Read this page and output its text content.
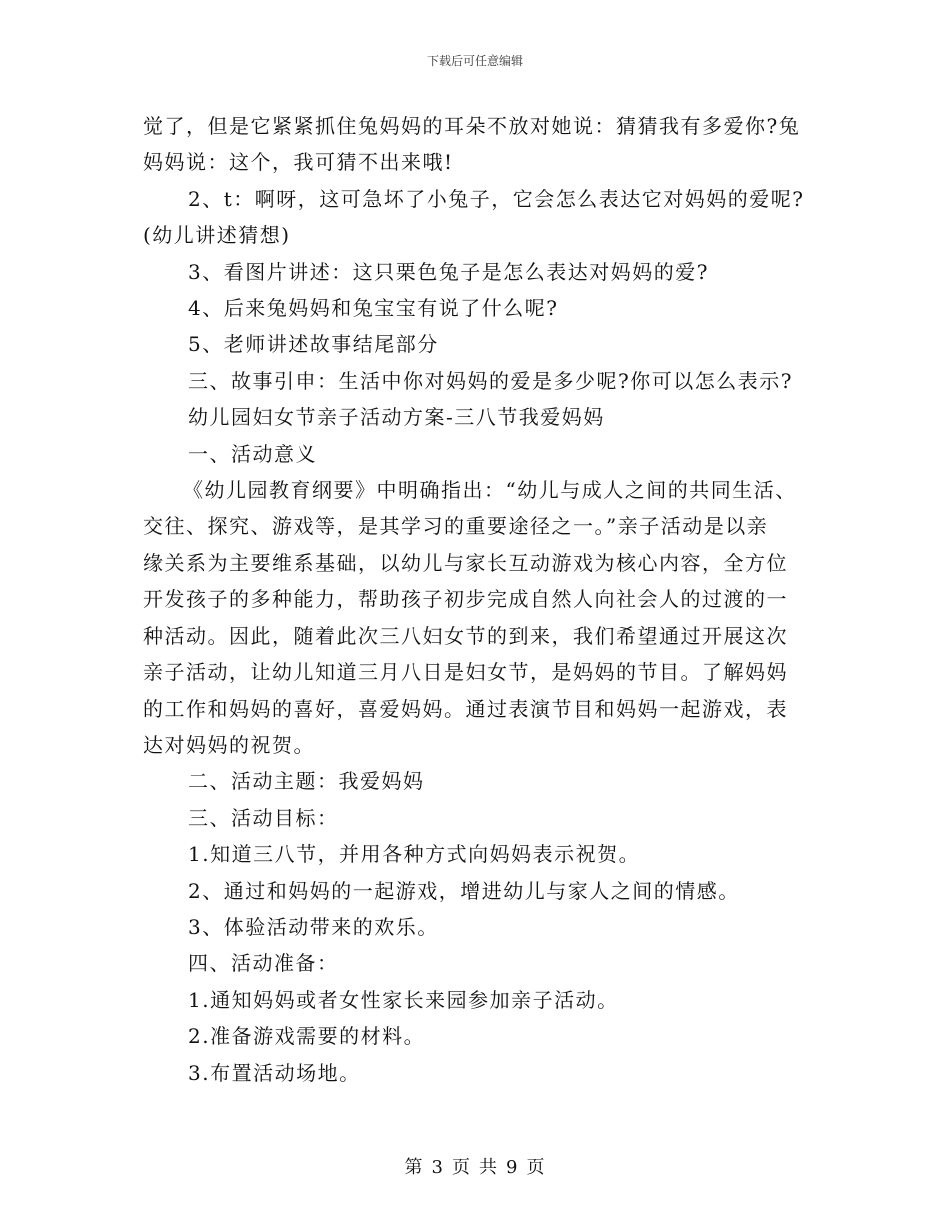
下载后可任意编辑

觉了，但是它紧紧抓住兔妈妈的耳朵不放对她说：猜猜我有多爱你?兔

妈妈说：这个，我可猜不出来哦!

2、t：啊呀，这可急坏了小兔子，它会怎么表达它对妈妈的爱呢?

(幼儿讲述猜想)

3、看图片讲述：这只栗色兔子是怎么表达对妈妈的爱?

4、后来兔妈妈和兔宝宝有说了什么呢?

5、老师讲述故事结尾部分

三、故事引申：生活中你对妈妈的爱是多少呢?你可以怎么表示?

幼儿园妇女节亲子活动方案-三八节我爱妈妈

一、活动意义

《幼儿园教育纲要》中明确指出：“幼儿与成人之间的共同生活、

交往、探究、游戏等，是其学习的重要途径之一。”亲子活动是以亲

缘关系为主要维系基础，以幼儿与家长互动游戏为核心内容，全方位

开发孩子的多种能力，帮助孩子初步完成自然人向社会人的过渡的一

种活动。因此，随着此次三八妇女节的到来，我们希望通过开展这次

亲子活动，让幼儿知道三月八日是妇女节，是妈妈的节目。了解妈妈

的工作和妈妈的喜好，喜爱妈妈。通过表演节目和妈妈一起游戏，表

达对妈妈的祝贺。

二、活动主题：我爱妈妈

三、活动目标：

1.知道三八节，并用各种方式向妈妈表示祝贺。

2、通过和妈妈的一起游戏，增进幼儿与家人之间的情感。

3、体验活动带来的欢乐。

四、活动准备：

1.通知妈妈或者女性家长来园参加亲子活动。

2.准备游戏需要的材料。

3.布置活动场地。

第 3 页 共 9 页
